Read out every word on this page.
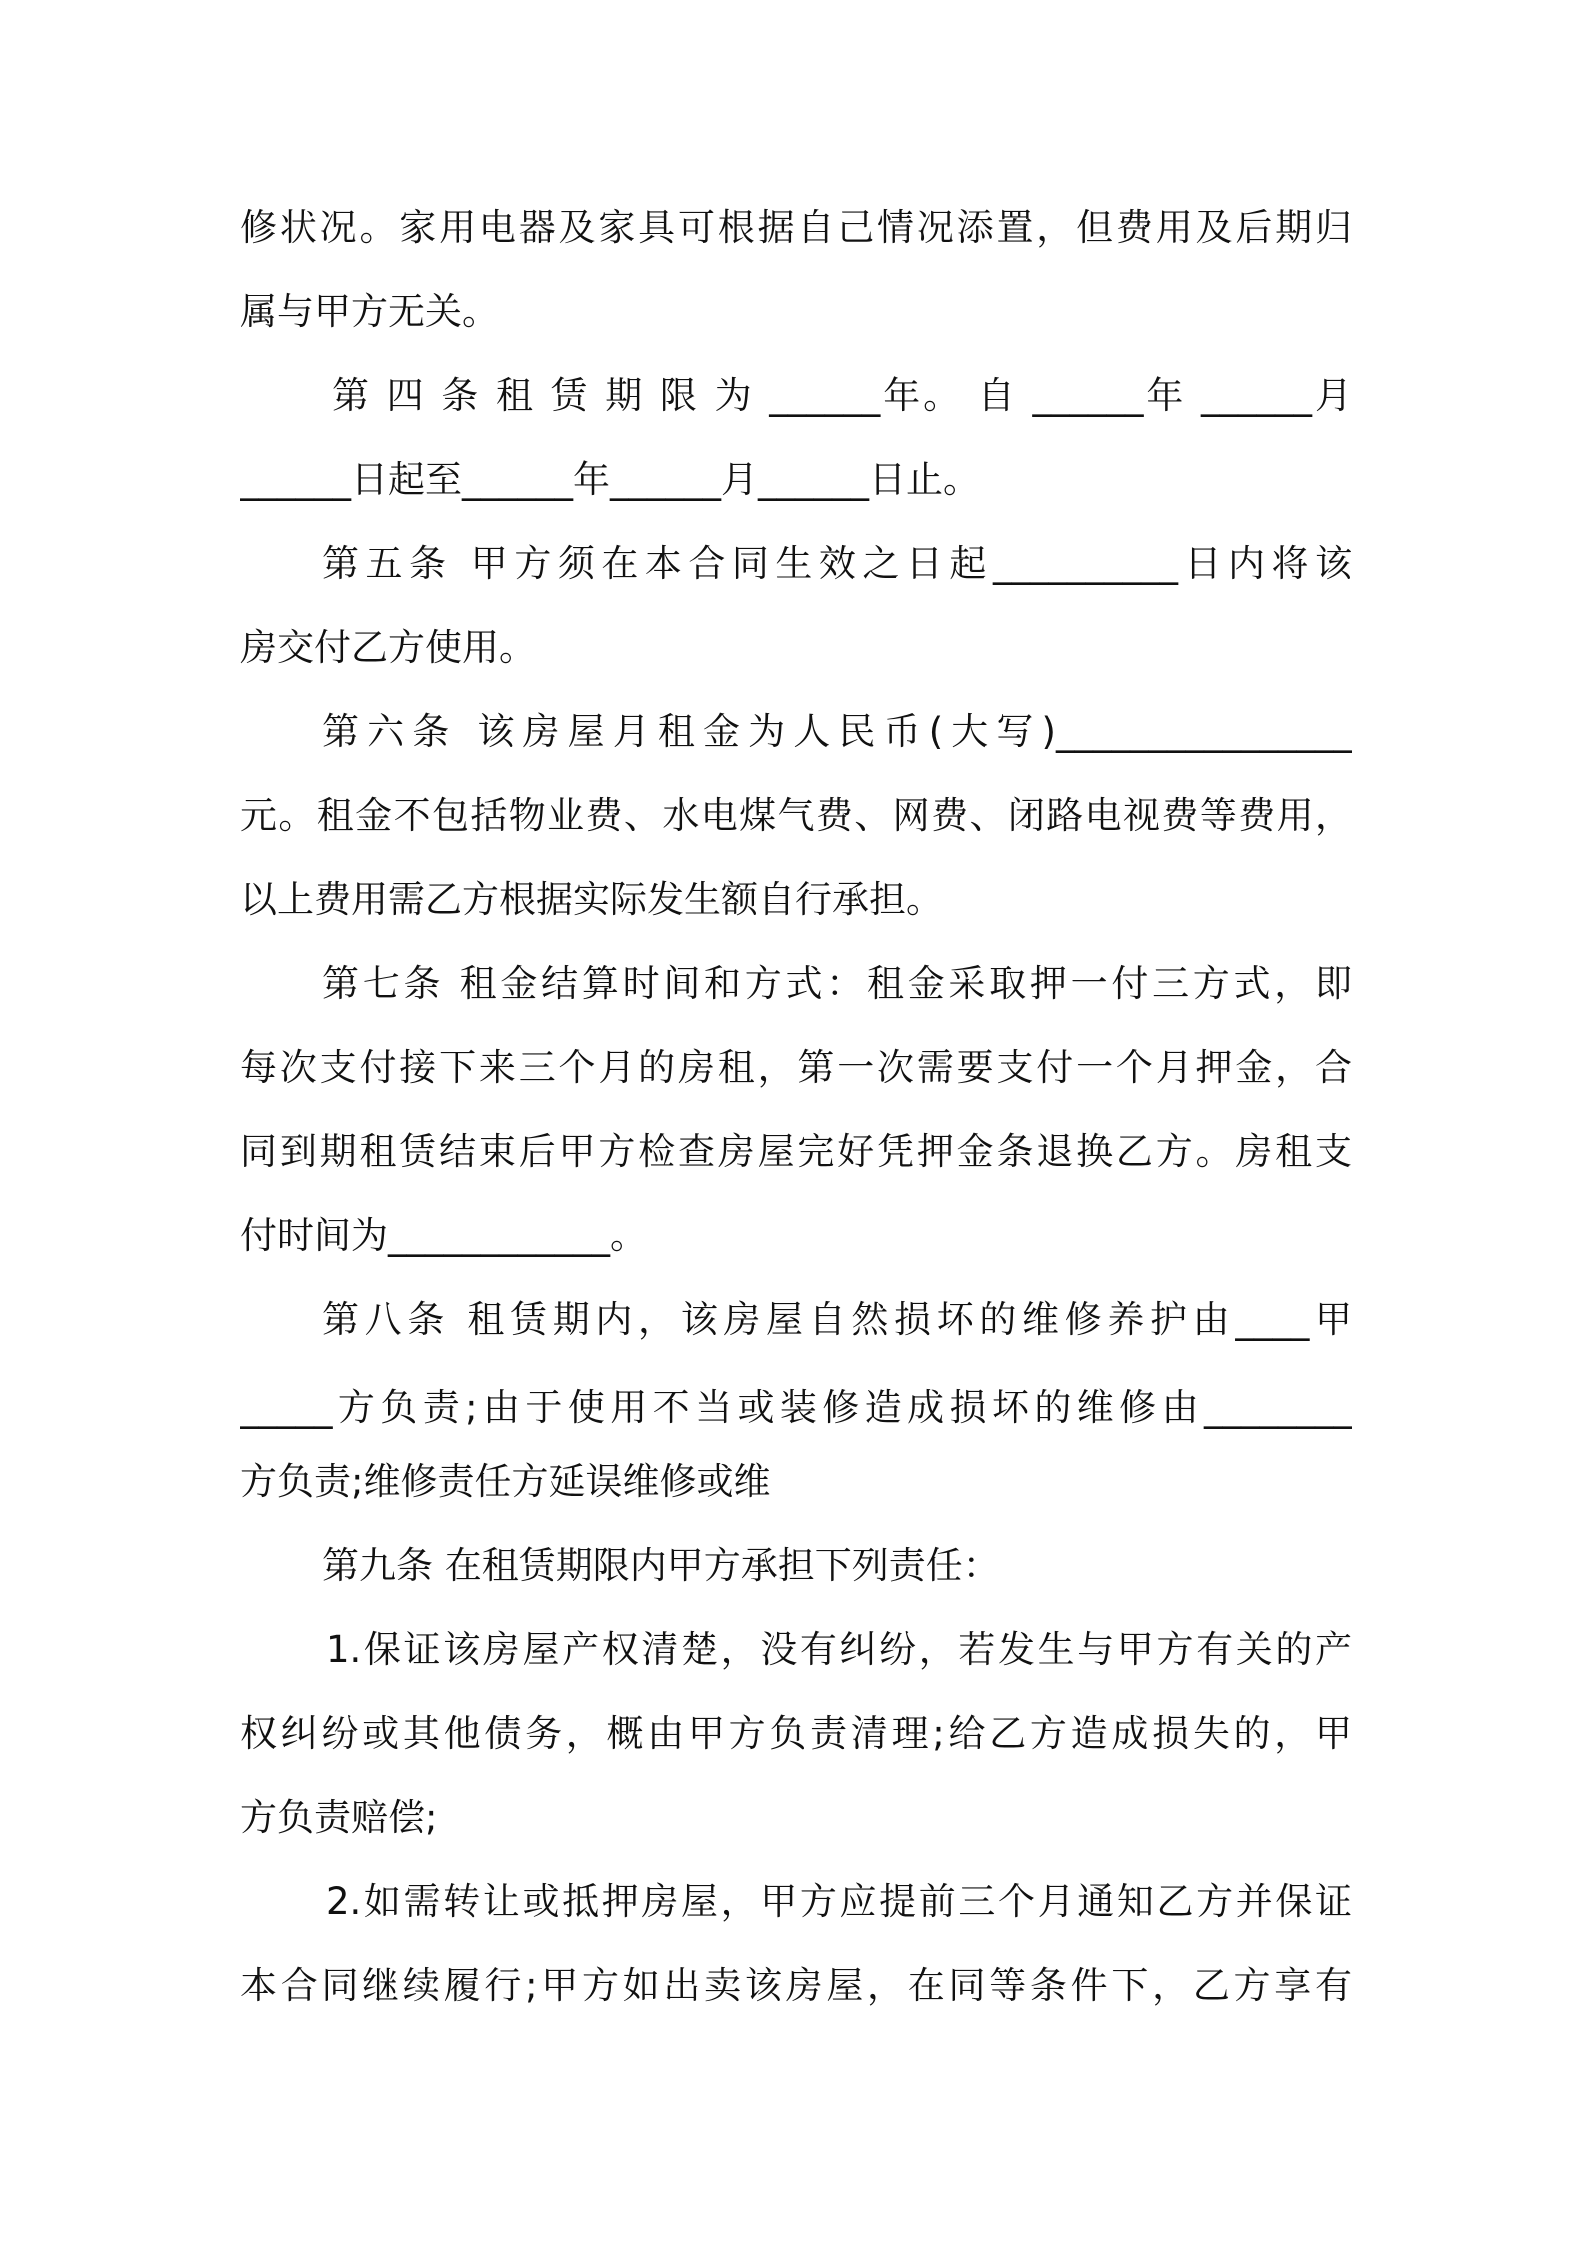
修状况。家用电器及家具可根据自己情况添置，但费用及后期归
属与甲方无关。
第 四 条 租 赁 期 限 为 ______年。 自 ______年 ______月
______日起至______年______月______日止。
第五条 甲方须在本合同生效之日起__________日内将该
房交付乙方使用。
第六条 该房屋月租金为人民币(大写)________________
元。租金不包括物业费、水电煤气费、网费、闭路电视费等费用，
以上费用需乙方根据实际发生额自行承担。
第七条 租金结算时间和方式：租金采取押一付三方式，即
每次支付接下来三个月的房租，第一次需要支付一个月押金，合
同到期租赁结束后甲方检查房屋完好凭押金条退换乙方。房租支
付时间为____________。
第八条 租赁期内，该房屋自然损坏的维修养护由____甲
_____方负责;由于使用不当或装修造成损坏的维修由________
方负责;维修责任方延误维修或维
第九条 在租赁期限内甲方承担下列责任：
1.保证该房屋产权清楚，没有纠纷，若发生与甲方有关的产
权纠纷或其他债务，概由甲方负责清理;给乙方造成损失的，甲
方负责赔偿;
2.如需转让或抵押房屋，甲方应提前三个月通知乙方并保证
本合同继续履行;甲方如出卖该房屋，在同等条件下，乙方享有
